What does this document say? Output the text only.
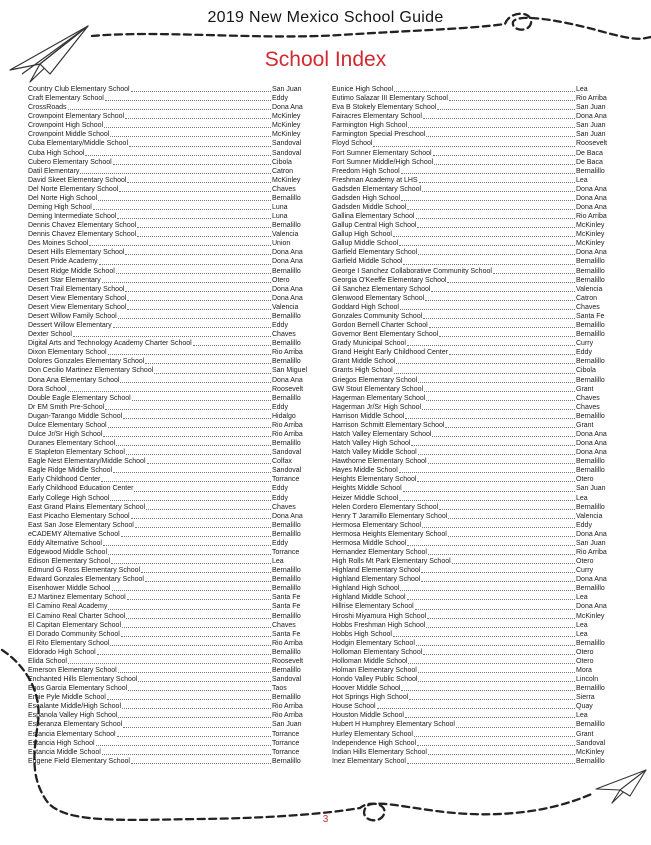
2019 New Mexico School Guide
School Index
Country Club Elementary School	San Juan
Craft Elementary School	Eddy
CrossRoads	Dona Ana
Crownpoint Elementary School	McKinley
Crownpoint High School	McKinley
Crownpoint Middle School	McKinley
Cuba Elementary/Middle School	Sandoval
Cuba High School	Sandoval
Cubero Elementary School	Cibola
Datil Elementary	Catron
David Skeet Elementary School	McKinley
Del Norte Elementary School	Chaves
Del Norte High School	Bernalillo
Deming High School	Luna
Deming Intermediate School	Luna
Dennis Chavez Elementary School	Bernalillo
Dennis Chavez Elementary School	Valencia
Des Moines School	Union
Desert Hills Elementary School	Dona Ana
Desert Pride Academy	Dona Ana
Desert Ridge Middle School	Bernalillo
Desert Star Elementary	Otero
Desert Trail Elementary School	Dona Ana
Desert View Elementary School	Dona Ana
Desert View Elementary School	Valencia
Desert Willow Family School	Bernalillo
Dessert Willow Elementary	Eddy
Dexter School	Chaves
Digital Arts and Technology Academy Charter School	Bernalillo
Dixon Elementary School	Rio Arriba
Dolores Gonzales Elementary School	Bernalillo
Don Cecilio Martinez Elementary School	San Miguel
Dona Ana Elementary School	Dona Ana
Dora School	Roosevelt
Double Eagle Elementary School	Bernalillo
Dr EM Smith Pre-School	Eddy
Dugan-Tarango Middle School	Hidalgo
Dulce Elementary School	Rio Arriba
Dulce Jr/Sr High School	Rio Arriba
Duranes Elementary School	Bernalillo
E Stapleton Elementary School	Sandoval
Eagle Nest Elementary/Middle School	Colfax
Eagle Ridge Middle School	Sandoval
Early Childhood Center	Torrance
Early Childhood Education Center	Eddy
Early College High School	Eddy
East Grand Plains Elementary School	Chaves
East Picacho Elementary School	Dona Ana
East San Jose Elementary School	Bernalillo
eCADEMY Alternative School	Bernalillo
Eddy Alternative School	Eddy
Edgewood Middle School	Torrance
Edison Elementary School	Lea
Edmund G Ross Elementary School	Bernalillo
Edward Gonzales Elementary School	Bernalillo
Eisenhower Middle School	Bernalillo
EJ Martinez Elementary School	Santa Fe
El Camino Real Academy	Santa Fe
El Camino Real Charter School	Bernalillo
El Capitan Elementary School	Chaves
El Dorado Community School	Santa Fe
El Rito Elementary School	Rio Arriba
Eldorado High School	Bernalillo
Elida School	Roosevelt
Emerson Elementary School	Bernalillo
Enchanted Hills Elementary School	Sandoval
Enos Garcia Elementary School	Taos
Ernie Pyle Middle School	Bernalillo
Escalante Middle/High School	Rio Arriba
Espanola Valley High School	Rio Arriba
Esperanza Elementary School	San Juan
Estancia Elementary School	Torrance
Estancia High School	Torrance
Estancia Middle School	Torrance
Eugene Field Elementary School	Bernalillo
Eunice High School	Lea
Eutimo Salazar III Elementary School	Rio Arriba
Eva B Stokely Elementary School	San Juan
Fairacres Elementary School	Dona Ana
Farmington High School	San Juan
Farmington Special Preschool	San Juan
Floyd School	Roosevelt
Fort Sumner Elementary School	De Baca
Fort Sumner Middle/High School	De Baca
Freedom High School	Bernalillo
Freshman Academy at LHS	Lea
Gadsden Elementary School	Dona Ana
Gadsden High School	Dona Ana
Gadsden Middle School	Dona Ana
Gallina Elementary School	Rio Arriba
Gallup Central High School	McKinley
Gallup High School	McKinley
Gallup Middle School	McKinley
Garfield Elementary School	Dona Ana
Garfield Middle School	Bernalillo
George I Sanchez Collaborative Community School	Bernalillo
Georgia O'Keeffe Elementary School	Bernalillo
Gil Sanchez Elementary School	Valencia
Glenwood Elementary School	Catron
Goddard High School	Chaves
Gonzales Community School	Santa Fe
Gordon Bernell Charter School	Bernalillo
Governor Bent Elementary School	Bernalillo
Grady Municipal School	Curry
Grand Height Early Childhood Center	Eddy
Grant Middle School	Bernalillo
Grants High School	Cibola
Griegos Elementary School	Bernalillo
GW Stout Elementary School	Grant
Hagerman Elementary School	Chaves
Hagerman Jr/Sr High School	Chaves
Harrison Middle School	Bernalillo
Harrison Schmitt Elementary School	Grant
Hatch Valley Elementary School	Dona Ana
Hatch Valley High School	Dona Ana
Hatch Valley Middle School	Dona Ana
Hawthorne Elementary School	Bernalillo
Hayes Middle School	Bernalillo
Heights Elementary School	Otero
Heights Middle School	San Juan
Heizer Middle School	Lea
Helen Cordero Elementary School	Bernalillo
Henry T Jaramillo Elementary School	Valencia
Hermosa Elementary School	Eddy
Hermosa Heights Elementary School	Dona Ana
Hermosa Middle School	San Juan
Hernandez Elementary School	Rio Arriba
High Rolls Mt Park Elementary School	Otero
Highland Elementary School	Curry
Highland Elementary School	Dona Ana
Highland High School	Bernalillo
Highland Middle School	Lea
Hillrise Elementary School	Dona Ana
Hiroshi Miyamura High School	McKinley
Hobbs Freshman High School	Lea
Hobbs High School	Lea
Hodgin Elementary School	Bernalillo
Holloman Elementary School	Otero
Holloman Middle School	Otero
Holman Elementary School	Mora
Hondo Valley Public School	Lincoln
Hoover Middle School	Bernalillo
Hot Springs High School	Sierra
House School	Quay
Houston Middle School	Lea
Hubert H Humphrey Elementary School	Bernalillo
Hurley Elementary School	Grant
Independence High School	Sandoval
Indian Hills Elementary School	McKinley
Inez Elementary School	Bernalillo
3
